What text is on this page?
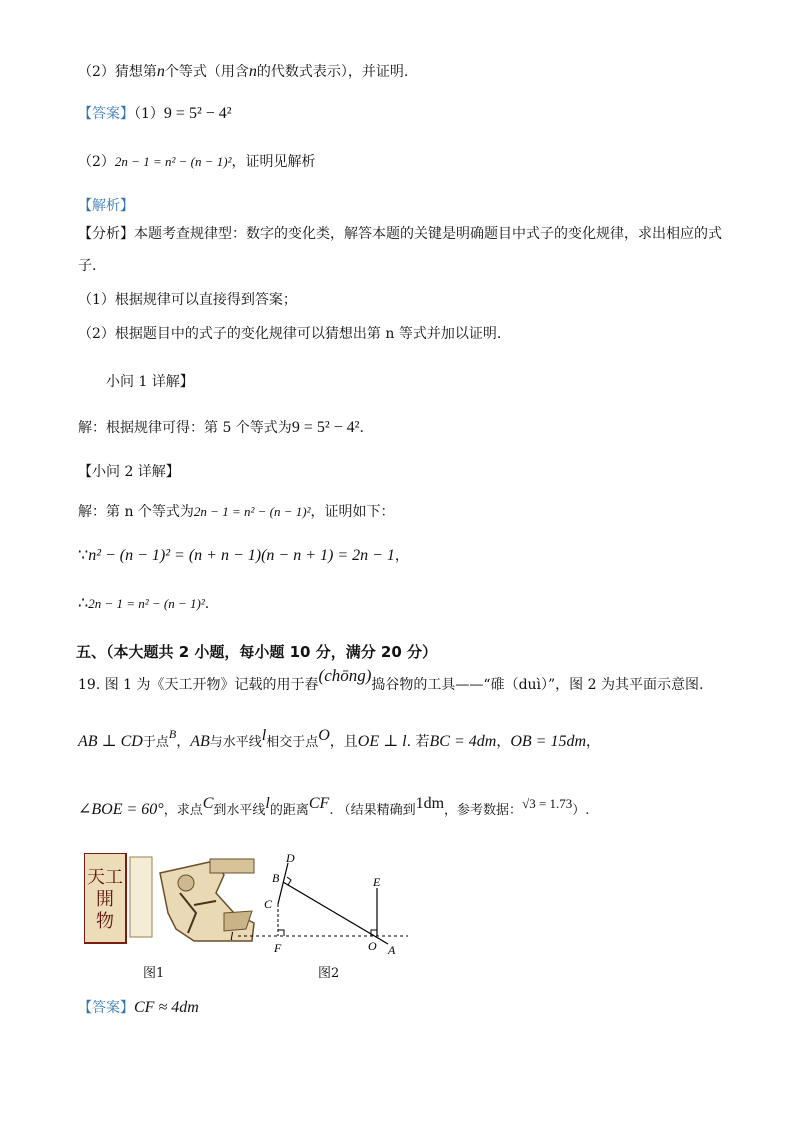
（2）猜想第n个等式（用含n的代数式表示），并证明.
【答案】（1）9 = 5² − 4²
（2）2n − 1 = n² − (n − 1)²，证明见解析
【解析】
【分析】本题考查规律型：数字的变化类，解答本题的关键是明确题目中式子的变化规律，求出相应的式
子.
（1）根据规律可以直接得到答案；
（2）根据题目中的式子的变化规律可以猜想出第 n 等式并加以证明.
小问 1 详解】
解：根据规律可得：第 5 个等式为9 = 5² − 4².
【小问 2 详解】
解：第 n 个等式为2n − 1 = n² − (n − 1)²，证明如下：
∵n² − (n − 1)² = (n + n − 1)(n − n + 1) = 2n − 1，
∴2n − 1 = n² − (n − 1)².
五、（本大题共 2 小题，每小题 10 分，满分 20 分）
19. 图 1 为《天工开物》记载的用于舂(chōng)捣谷物的工具——“碓（duì）”，图 2 为其平面示意图.
AB ⊥ CD于点B，AB与水平线l相交于点O，且OE ⊥ l. 若BC = 4dm，OB = 15dm，
∠BOE = 60°，求点C到水平线l的距离CF. （结果精确到1dm，参考数据：√3 = 1.73）.
天工
開
物
D
B
C
E
l
F	O A
图1	图2
【答案】CF ≈ 4dm
